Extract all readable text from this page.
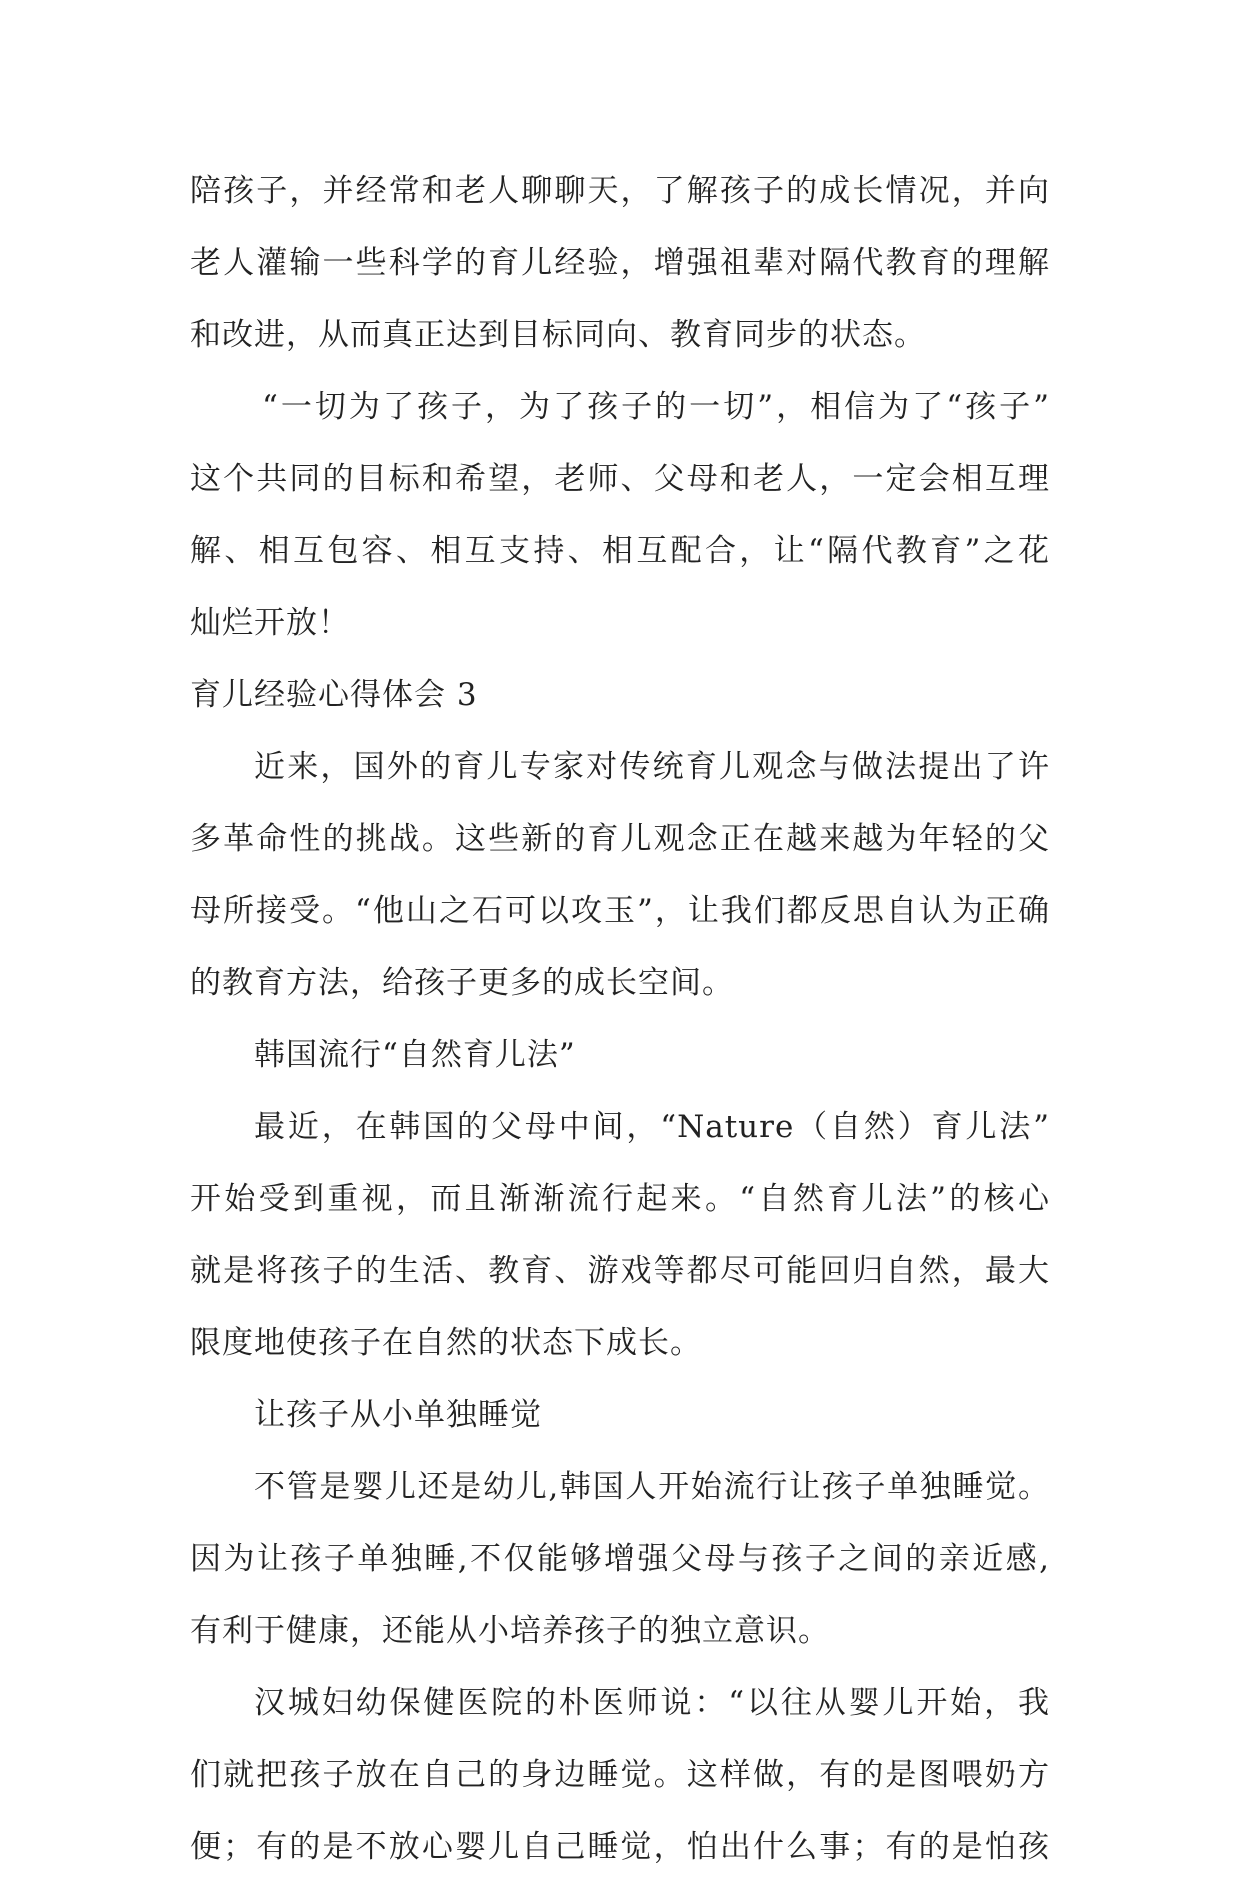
陪孩子，并经常和老人聊聊天，了解孩子的成长情况，并向
老人灌输一些科学的育儿经验，增强祖辈对隔代教育的理解
和改进，从而真正达到目标同向、教育同步的状态。
“一切为了孩子，为了孩子的一切”，相信为了“孩子”
这个共同的目标和希望，老师、父母和老人，一定会相互理
解、相互包容、相互支持、相互配合，让“隔代教育”之花
灿烂开放！
育儿经验心得体会 3
近来，国外的育儿专家对传统育儿观念与做法提出了许
多革命性的挑战。这些新的育儿观念正在越来越为年轻的父
母所接受。“他山之石可以攻玉”，让我们都反思自认为正确
的教育方法，给孩子更多的成长空间。
韩国流行“自然育儿法”
最近，在韩国的父母中间，“Nature（自然）育儿法”
开始受到重视，而且渐渐流行起来。“自然育儿法”的核心
就是将孩子的生活、教育、游戏等都尽可能回归自然，最大
限度地使孩子在自然的状态下成长。
让孩子从小单独睡觉
不管是婴儿还是幼儿,韩国人开始流行让孩子单独睡觉。
因为让孩子单独睡,不仅能够增强父母与孩子之间的亲近感,
有利于健康，还能从小培养孩子的独立意识。
汉城妇幼保健医院的朴医师说：“以往从婴儿开始，我
们就把孩子放在自己的身边睡觉。这样做，有的是图喂奶方
便；有的是不放心婴儿自己睡觉，怕出什么事；有的是怕孩
